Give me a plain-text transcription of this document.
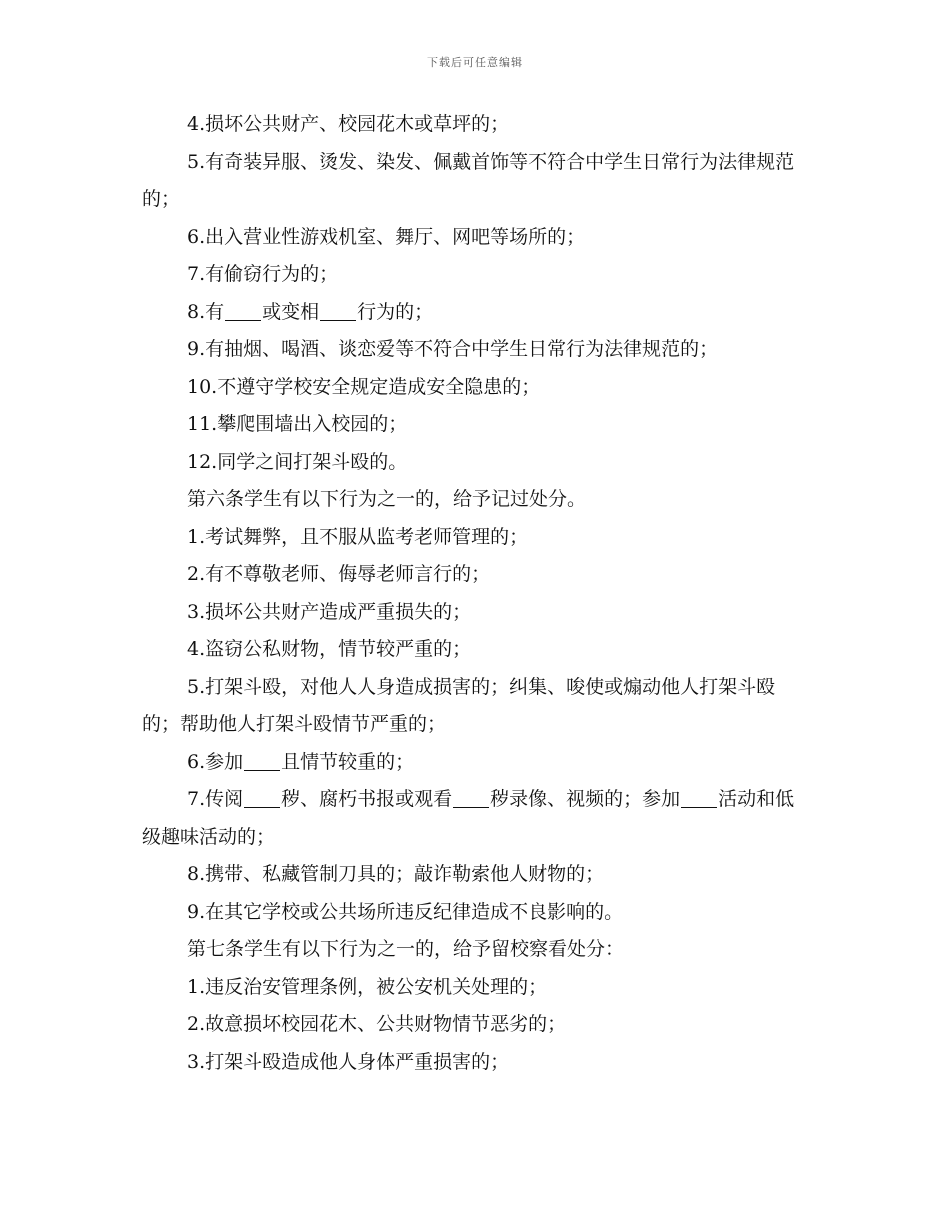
下载后可任意编辑

4.损坏公共财产、校园花木或草坪的；

5.有奇装异服、烫发、染发、佩戴首饰等不符合中学生日常行为法律规范的；

6.出入营业性游戏机室、舞厅、网吧等场所的；

7.有偷窃行为的；

8.有 或变相 行为的；

9.有抽烟、喝酒、谈恋爱等不符合中学生日常行为法律规范的；

10.不遵守学校安全规定造成安全隐患的；

11.攀爬围墙出入校园的；

12.同学之间打架斗殴的。

第六条学生有以下行为之一的，给予记过处分。

1.考试舞弊，且不服从监考老师管理的；

2.有不尊敬老师、侮辱老师言行的；

3.损坏公共财产造成严重损失的；

4.盗窃公私财物，情节较严重的；

5.打架斗殴，对他人人身造成损害的；纠集、唆使或煽动他人打架斗殴的；帮助他人打架斗殴情节严重的；

6.参加 且情节较重的；

7.传阅 秽、腐朽书报或观看 秽录像、视频的；参加 活动和低级趣味活动的；

8.携带、私藏管制刀具的；敲诈勒索他人财物的；

9.在其它学校或公共场所违反纪律造成不良影响的。

第七条学生有以下行为之一的，给予留校察看处分：

1.违反治安管理条例，被公安机关处理的；

2.故意损坏校园花木、公共财物情节恶劣的；

3.打架斗殴造成他人身体严重损害的；
